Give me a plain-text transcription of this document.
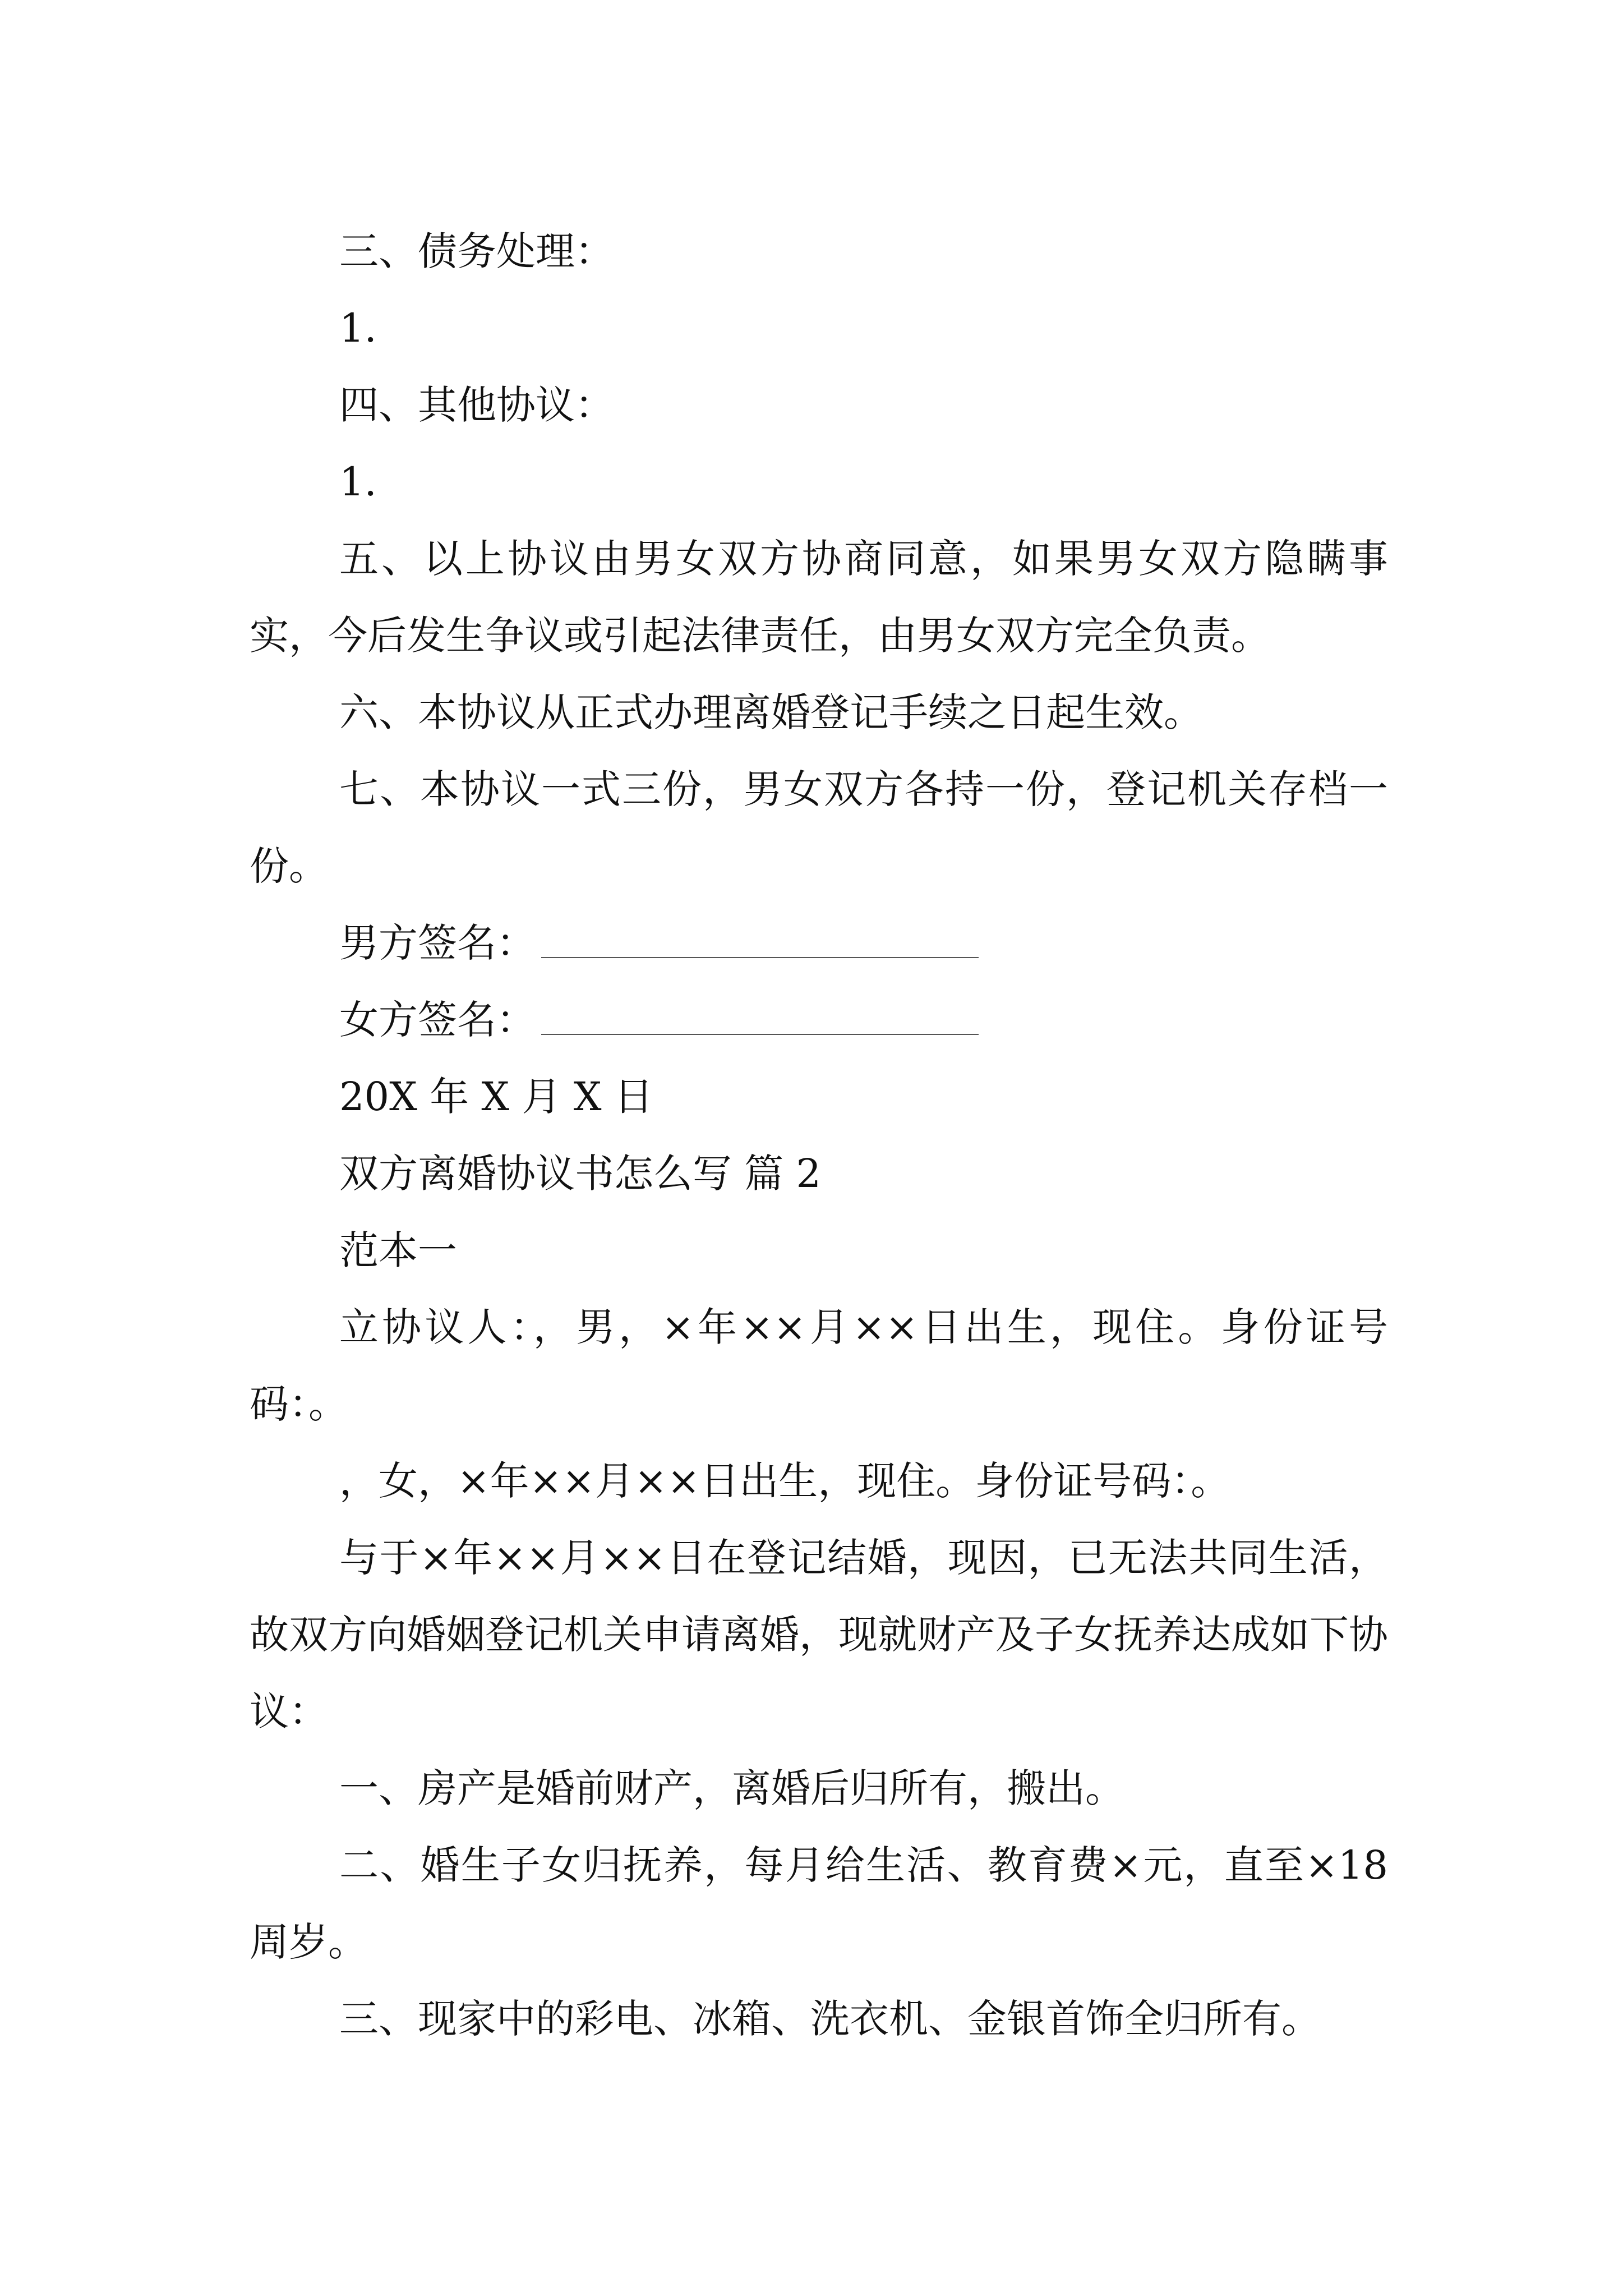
三、债务处理：

1.

四、其他协议：

1.

五、以上协议由男女双方协商同意，如果男女双方隐瞒事实，今后发生争议或引起法律责任，由男女双方完全负责。

六、本协议从正式办理离婚登记手续之日起生效。

七、本协议一式三份，男女双方各持一份，登记机关存档一份。

男方签名：

女方签名：

20X 年 X 月 X 日

双方离婚协议书怎么写 篇 2

范本一

立协议人：，男，×年××月××日出生，现住。身份证号码：。

，女，×年××月××日出生，现住。身份证号码：。

与于×年××月××日在登记结婚，现因，已无法共同生活，故双方向婚姻登记机关申请离婚，现就财产及子女抚养达成如下协议：

一、房产是婚前财产，离婚后归所有，搬出。

二、婚生子女归抚养，每月给生活、教育费×元，直至×18 周岁。

三、现家中的彩电、冰箱、洗衣机、金银首饰全归所有。
